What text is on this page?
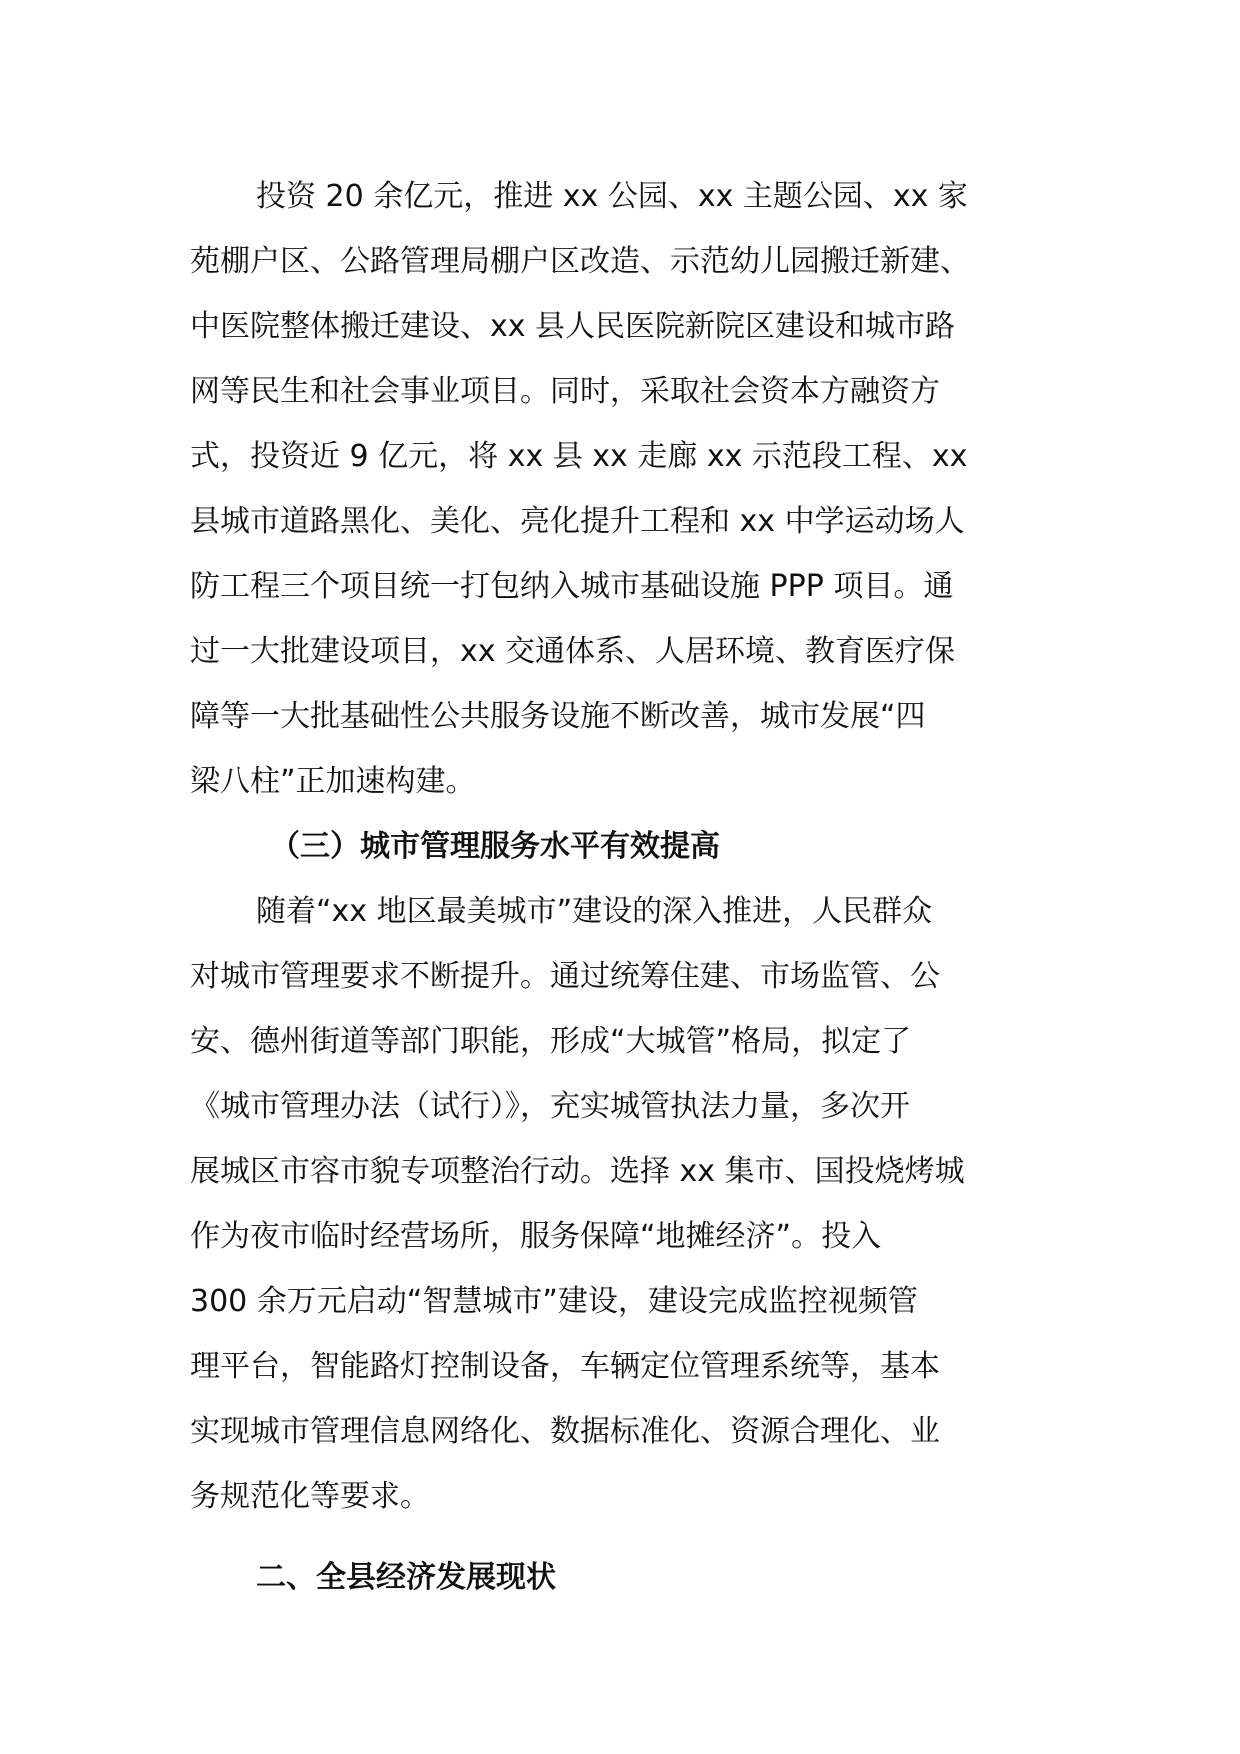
投资 20 余亿元，推进 xx 公园、xx 主题公园、xx 家
苑棚户区、公路管理局棚户区改造、示范幼儿园搬迁新建、
中医院整体搬迁建设、xx 县人民医院新院区建设和城市路
网等民生和社会事业项目。同时，采取社会资本方融资方
式，投资近 9 亿元，将 xx 县 xx 走廊 xx 示范段工程、xx
县城市道路黑化、美化、亮化提升工程和 xx 中学运动场人
防工程三个项目统一打包纳入城市基础设施 PPP 项目。通
过一大批建设项目，xx 交通体系、人居环境、教育医疗保
障等一大批基础性公共服务设施不断改善，城市发展“四
梁八柱”正加速构建。
（三）城市管理服务水平有效提高
随着“xx 地区最美城市”建设的深入推进，人民群众
对城市管理要求不断提升。通过统筹住建、市场监管、公
安、德州街道等部门职能，形成“大城管”格局，拟定了
《城市管理办法（试行）》，充实城管执法力量，多次开
展城区市容市貌专项整治行动。选择 xx 集市、国投烧烤城
作为夜市临时经营场所，服务保障“地摊经济”。投入
300 余万元启动“智慧城市”建设，建设完成监控视频管
理平台，智能路灯控制设备，车辆定位管理系统等，基本
实现城市管理信息网络化、数据标准化、资源合理化、业
务规范化等要求。
二、全县经济发展现状
